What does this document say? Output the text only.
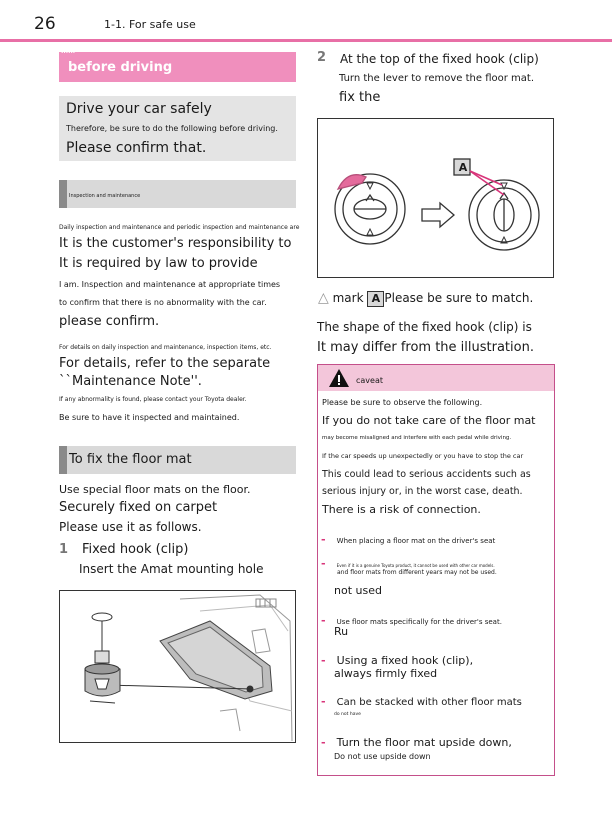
26	1-1. For safe use
••••••
before driving
Drive your car safely
Therefore, be sure to do the following before driving.
Please confirm that.
Inspection and maintenance
Daily inspection and maintenance and periodic inspection and maintenance are
It is the customer's responsibility to
It is required by law to provide
I am. Inspection and maintenance at appropriate times
to confirm that there is no abnormality with the car.
please confirm.
For details on daily inspection and maintenance, inspection items, etc.
For details, refer to the separate
``Maintenance Note''.
If any abnormality is found, please contact your Toyota dealer.
Be sure to have it inspected and maintained.
To fix the floor mat
Use special floor mats on the floor.
Securely fixed on carpet
Please use it as follows.
1 Fixed hook (clip)
Insert the Amat mounting hole
2 At the top of the fixed hook (clip)
Turn the lever to remove the floor mat.
fix the
A
△ mark A Please be sure to match.
The shape of the fixed hook (clip) is
It may differ from the illustration.
caveat
Please be sure to observe the following.
If you do not take care of the floor mat
may become misaligned and interfere with each pedal while driving.
If the car speeds up unexpectedly or you have to stop the car
This could lead to serious accidents such as
serious injury or, in the worst case, death.
There is a risk of connection.
- When placing a floor mat on the driver's seat
-	Even if it is a genuine Toyota product, it cannot be used with other car models.
and floor mats from different years may not be used.
not used
- Use floor mats specifically for the driver's seat.
Ru
- Using a fixed hook (clip),
always firmly fixed
- Can be stacked with other floor mats
do not have
- Turn the floor mat upside down,
Do not use upside down
